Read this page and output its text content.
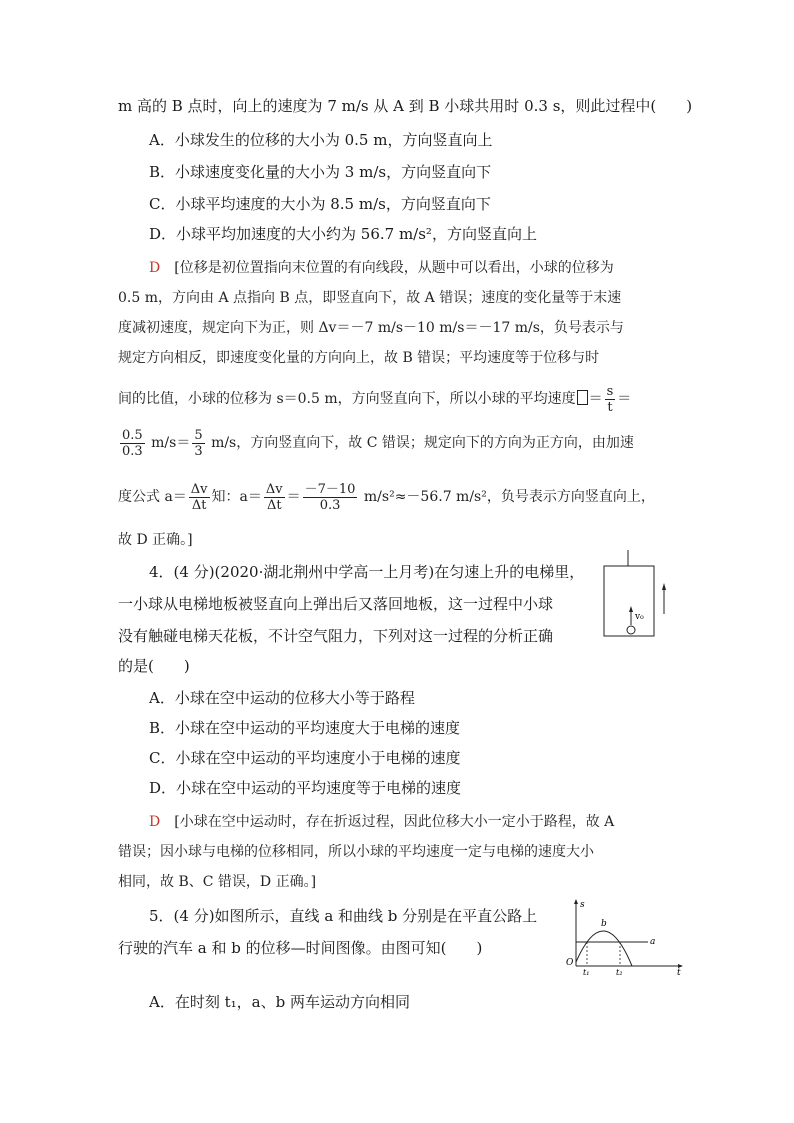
m 高的 B 点时，向上的速度为 7 m/s 从 A 到 B 小球共用时 0.3 s，则此过程中(　　)
A．小球发生的位移的大小为 0.5 m，方向竖直向上
B．小球速度变化量的大小为 3 m/s，方向竖直向下
C．小球平均速度的大小为 8.5 m/s，方向竖直向下
D．小球平均加速度的大小约为 56.7 m/s²，方向竖直向上
D [位移是初位置指向末位置的有向线段，从题中可以看出，小球的位移为
0.5 m，方向由 A 点指向 B 点，即竖直向下，故 A 错误；速度的变化量等于末速
度减初速度，规定向下为正，则 Δv＝－7 m/s－10 m/s＝－17 m/s，负号表示与
规定方向相反，即速度变化量的方向向上，故 B 错误；平均速度等于位移与时
间的比值，小球的位移为 s＝0.5 m，方向竖直向下，所以小球的平均速度 ＝ $\frac{s}{t}$ ＝
$\frac{0.5}{0.3} m/s= \frac{5}{3} m/s$，方向竖直向下，故 C 错误；规定向下的方向为正方向，由加速
度公式 $a= \frac{\Delta v}{\Delta t}$ 知：$a= \frac{\Delta v}{\Delta t} = \frac{-7-10}{0.3} m/s^2\approx-56.7$ m/s²，负号表示方向竖直向上，
故 D 正确。]
4．(4 分)(2020·湖北荆州中学高一上月考)在匀速上升的电梯里，
一小球从电梯地板被竖直向上弹出后又落回地板，这一过程中小球
没有触碰电梯天花板，不计空气阻力，下列对这一过程的分析正确
的是(　　)
v₀
A．小球在空中运动的位移大小等于路程
B．小球在空中运动的平均速度大于电梯的速度
C．小球在空中运动的平均速度小于电梯的速度
D．小球在空中运动的平均速度等于电梯的速度
D [小球在空中运动时，存在折返过程，因此位移大小一定小于路程，故 A
错误；因小球与电梯的位移相同，所以小球的平均速度一定与电梯的速度大小
相同，故 B、C 错误，D 正确。]
5．(4 分)如图所示，直线 a 和曲线 b 分别是在平直公路上
行驶的汽车 a 和 b 的位移—时间图像。由图可知(　　)
s
t
O
a
b
t₁	t₂
A．在时刻 t₁，a、b 两车运动方向相同
